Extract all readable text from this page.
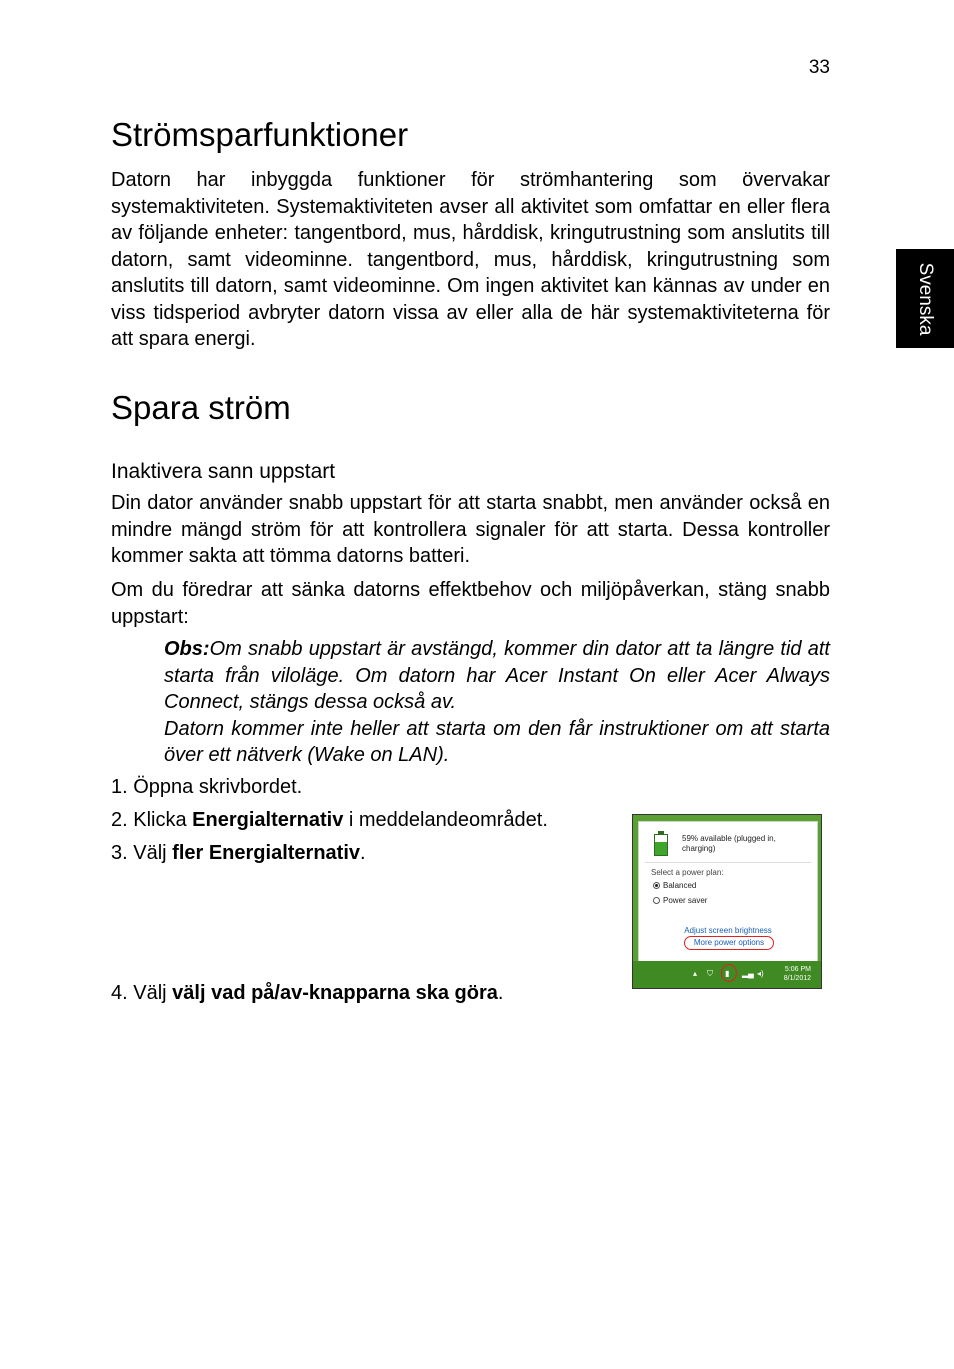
33
Svenska
Strömsparfunktioner

Datorn har inbyggda funktioner för strömhantering som övervakar systemaktiviteten. Systemaktiviteten avser all aktivitet som omfattar en eller flera av följande enheter: tangentbord, mus, hårddisk, kringutrustning som anslutits till datorn, samt videominne. tangentbord, mus, hårddisk, kringutrustning som anslutits till datorn, samt videominne. Om ingen aktivitet kan kännas av under en viss tidsperiod avbryter datorn vissa av eller alla de här systemaktiviteterna för att spara energi.

Spara ström
Inaktivera sann uppstart

Din dator använder snabb uppstart för att starta snabbt, men använder också en mindre mängd ström för att kontrollera signaler för att starta. Dessa kontroller kommer sakta att tömma datorns batteri.

Om du föredrar att sänka datorns effektbehov och miljöpåverkan, stäng snabb uppstart:

Obs:Om snabb uppstart är avstängd, kommer din dator att ta längre tid att starta från viloläge. Om datorn har Acer Instant On eller Acer Always Connect, stängs dessa också av.
Datorn kommer inte heller att starta om den får instruktioner om att starta över ett nätverk (Wake on LAN).

1. Öppna skrivbordet.

2. Klicka Energialternativ i meddelandeområdet.

3. Välj fler Energialternativ.

4. Välj välj vad på/av-knapparna ska göra.

59% available (plugged in, charging)
Select a power plan:
Balanced
Power saver
Adjust screen brightness
More power options
▴ ⛉ ▮ ▂▄ ◂)	5:06 PM
8/1/2012
